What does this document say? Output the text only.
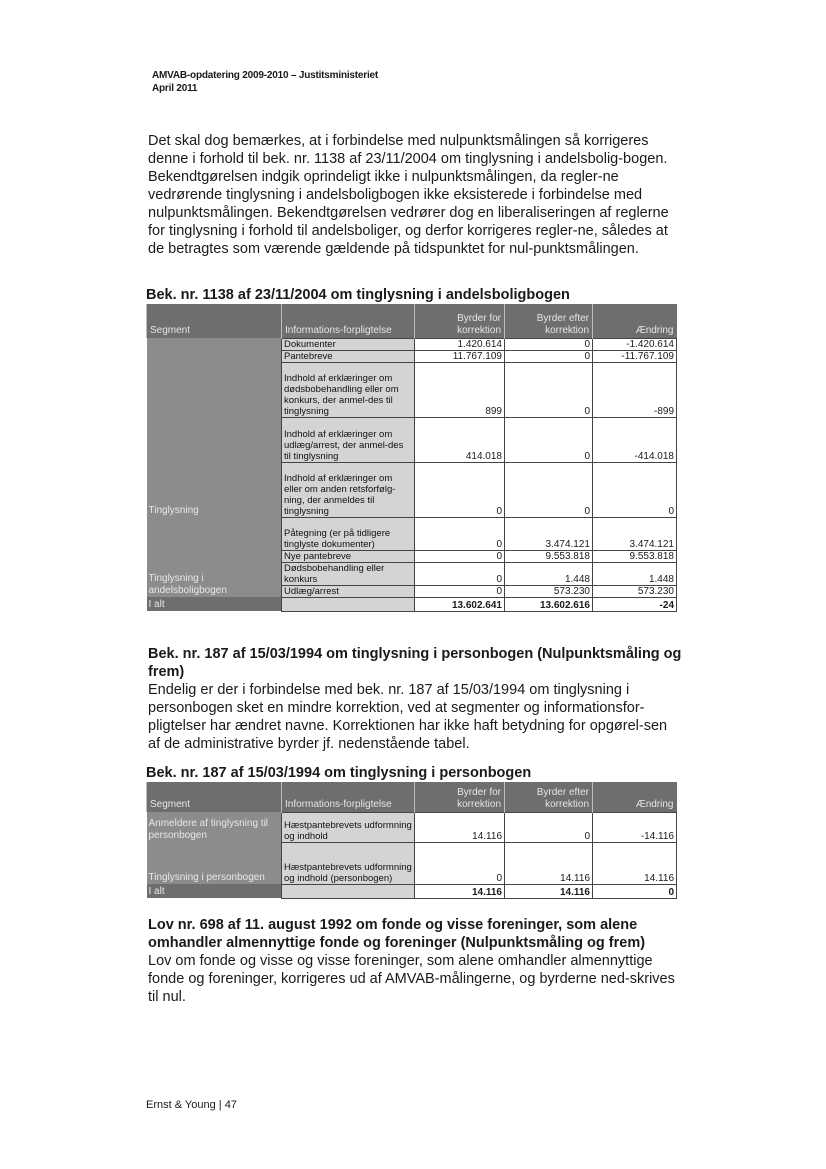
AMVAB-opdatering 2009-2010 – Justitsministeriet
April 2011

Det skal dog bemærkes, at i forbindelse med nulpunktsmålingen så korrigeres denne i forhold til bek. nr. 1138 af 23/11/2004 om tinglysning i andelsbolig-bogen. Bekendtgørelsen indgik oprindeligt ikke i nulpunktsmålingen, da regler-ne vedrørende tinglysning i andelsboligbogen ikke eksisterede i forbindelse med nulpunktsmålingen. Bekendtgørelsen vedrører dog en liberaliseringen af reglerne for tinglysning i forhold til andelsboliger, og derfor korrigeres regler-ne, således at de betragtes som værende gældende på tidspunktet for nul-punktsmålingen.

Bek. nr. 1138 af 23/11/2004 om tinglysning i andelsboligbogen
Segment	Informations-forpligtelse	Byrder for korrektion	Byrder efter korrektion	Ændring
Tinglysning	Dokumenter	1.420.614	0	-1.420.614
	Pantebreve	11.767.109	0	-11.767.109
	Indhold af erklæringer om dødsbobehandling eller om konkurs, der anmel-des til tinglysning	899	0	-899
	Indhold af erklæringer om udlæg/arrest, der anmel-des til tinglysning	414.018	0	-414.018
	Indhold af erklæringer om eller om anden retsforfølg-ning, der anmeldes til tinglysning	0	0	0
Tinglysning i andelsboligbogen	Påtegning (er på tidligere tinglyste dokumenter)	0	3.474.121	3.474.121
	Nye pantebreve	0	9.553.818	9.553.818
	Dødsbobehandling eller konkurs	0	1.448	1.448
	Udlæg/arrest	0	573.230	573.230
I alt		13.602.641	13.602.616	-24

Bek. nr. 187 af 15/03/1994 om tinglysning i personbogen (Nulpunktsmåling og frem)

Endelig er der i forbindelse med bek. nr. 187 af 15/03/1994 om tinglysning i personbogen sket en mindre korrektion, ved at segmenter og informationsfor-pligtelser har ændret navne. Korrektionen har ikke haft betydning for opgørel-sen af de administrative byrder jf. nedenstående tabel.

Bek. nr. 187 af 15/03/1994 om tinglysning i personbogen
Segment	Informations-forpligtelse	Byrder for korrektion	Byrder efter korrektion	Ændring
Anmeldere af tinglysning til personbogen	Hæstpantebrevets udformning og indhold	14.116	0	-14.116
Tinglysning i personbogen	Hæstpantebrevets udformning og indhold (personbogen)	0	14.116	14.116
I alt		14.116	14.116	0

Lov nr. 698 af 11. august 1992 om fonde og visse foreninger, som alene omhandler almennyttige fonde og foreninger (Nulpunktsmåling og frem)

Lov om fonde og visse og visse foreninger, som alene omhandler almennyttige fonde og foreninger, korrigeres ud af AMVAB-målingerne, og byrderne ned-skrives til nul.

Ernst & Young | 47
